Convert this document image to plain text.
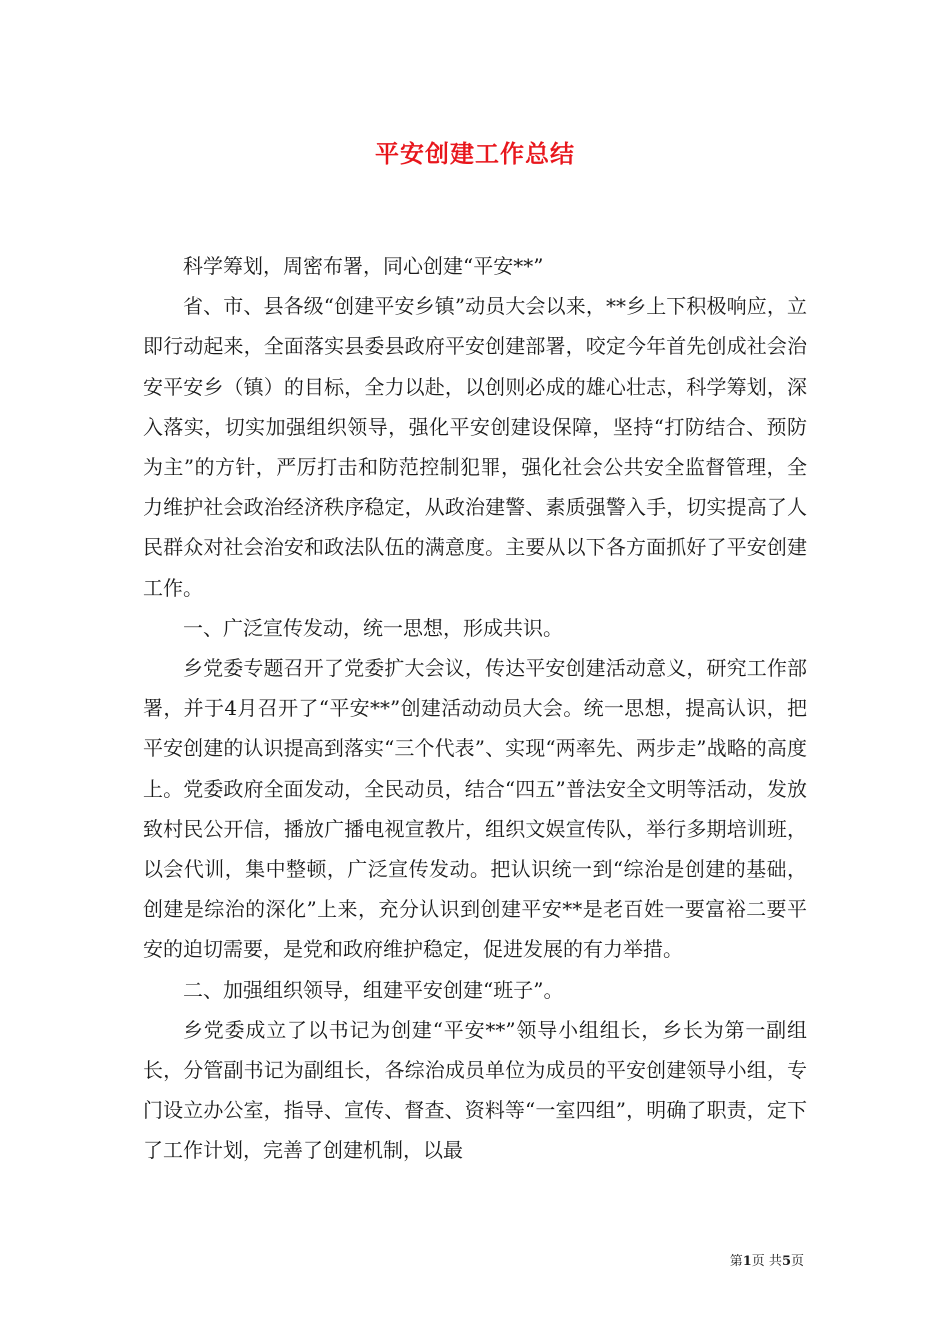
平安创建工作总结

科学筹划，周密布署，同心创建“平安**”

省、市、县各级“创建平安乡镇”动员大会以来，**乡上下积极响应，立即行动起来，全面落实县委县政府平安创建部署，咬定今年首先创成社会治安平安乡（镇）的目标，全力以赴，以创则必成的雄心壮志，科学筹划，深入落实，切实加强组织领导，强化平安创建设保障，坚持“打防结合、预防为主”的方针，严厉打击和防范控制犯罪，强化社会公共安全监督管理，全力维护社会政治经济秩序稳定，从政治建警、素质强警入手，切实提高了人民群众对社会治安和政法队伍的满意度。主要从以下各方面抓好了平安创建工作。

一、广泛宣传发动，统一思想，形成共识。

乡党委专题召开了党委扩大会议，传达平安创建活动意义，研究工作部署，并于4月召开了“平安**”创建活动动员大会。统一思想，提高认识，把平安创建的认识提高到落实“三个代表”、实现“两率先、两步走”战略的高度上。党委政府全面发动，全民动员，结合“四五”普法安全文明等活动，发放致村民公开信，播放广播电视宣教片，组织文娱宣传队，举行多期培训班，以会代训，集中整顿，广泛宣传发动。把认识统一到“综治是创建的基础，创建是综治的深化”上来，充分认识到创建平安**是老百姓一要富裕二要平安的迫切需要，是党和政府维护稳定，促进发展的有力举措。

二、加强组织领导，组建平安创建“班子”。

乡党委成立了以书记为创建“平安**”领导小组组长，乡长为第一副组长，分管副书记为副组长，各综治成员单位为成员的平安创建领导小组，专门设立办公室，指导、宣传、督查、资料等“一室四组”，明确了职责，定下了工作计划，完善了创建机制，以最

第1页 共5页
